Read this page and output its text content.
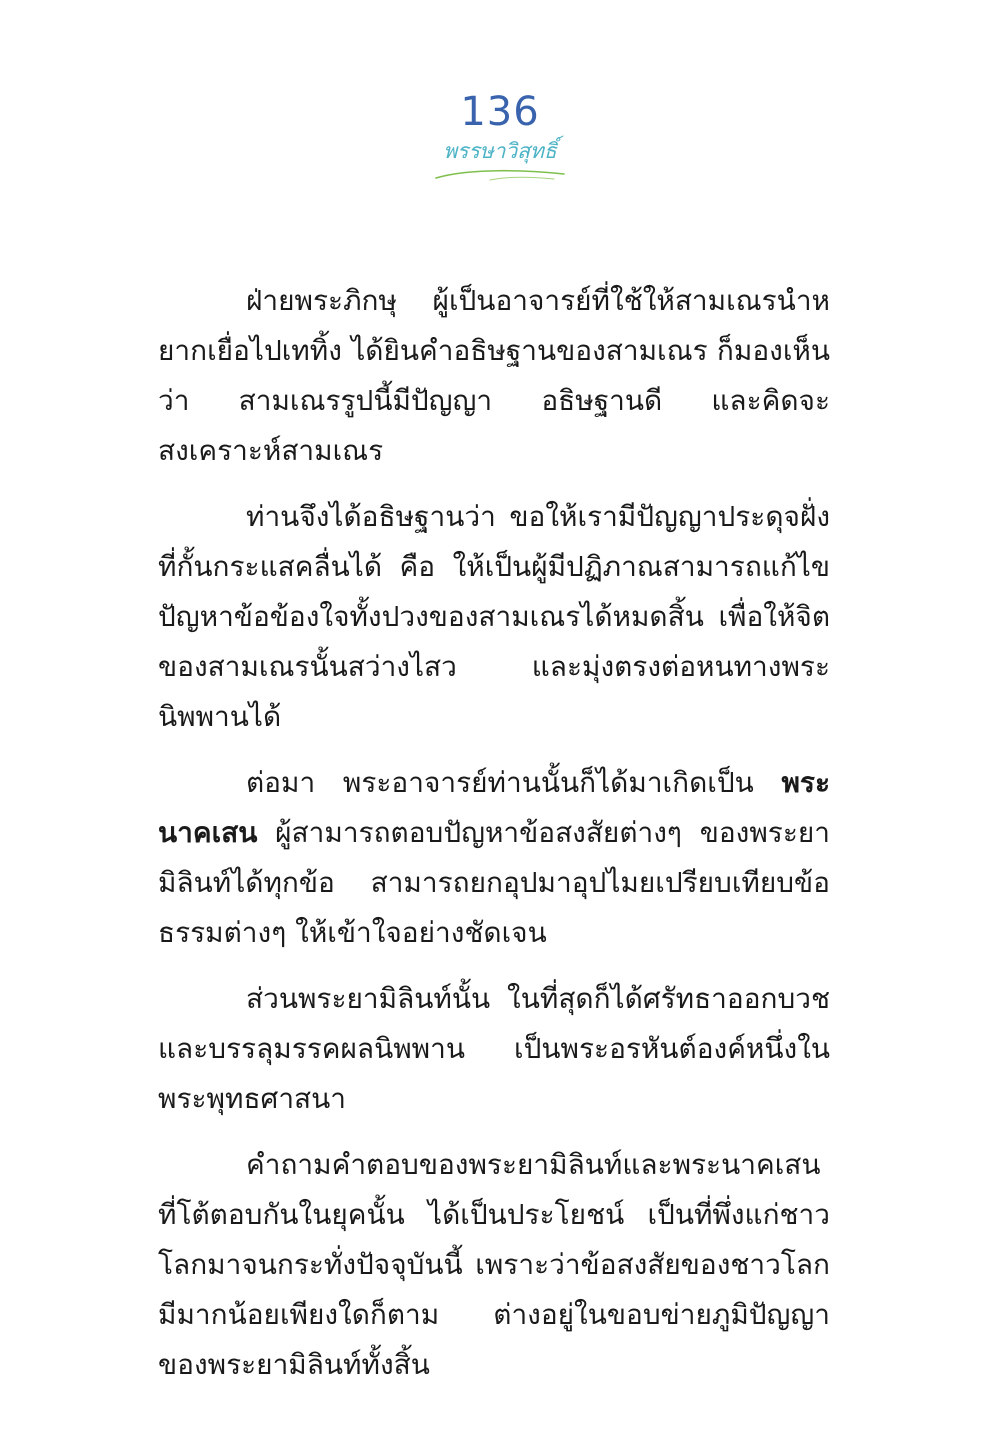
136
พรรษาวิสุทธิ์

ฝ่ายพระภิกษุ ผู้เป็นอาจารย์ที่ใช้ให้สามเณรนำหยากเยื่อไปเททิ้ง ได้ยินคำอธิษฐานของสามเณร ก็มองเห็นว่า สามเณรรูปนี้มีปัญญา อธิษฐานดี และคิดจะสงเคราะห์สามเณร

ท่านจึงได้อธิษฐานว่า ขอให้เรามีปัญญาประดุจฝั่งที่กั้นกระแสคลื่นได้ คือ ให้เป็นผู้มีปฏิภาณสามารถแก้ไขปัญหาข้อข้องใจทั้งปวงของสามเณรได้หมดสิ้น เพื่อให้จิตของสามเณรนั้นสว่างไสว และมุ่งตรงต่อหนทางพระนิพพานได้

ต่อมา พระอาจารย์ท่านนั้นก็ได้มาเกิดเป็น พระนาคเสน ผู้สามารถตอบปัญหาข้อสงสัยต่างๆ ของพระยามิลินท์ได้ทุกข้อ สามารถยกอุปมาอุปไมยเปรียบเทียบข้อธรรมต่างๆ ให้เข้าใจอย่างชัดเจน

ส่วนพระยามิลินท์นั้น ในที่สุดก็ได้ศรัทธาออกบวชและบรรลุมรรคผลนิพพาน เป็นพระอรหันต์องค์หนึ่งในพระพุทธศาสนา

คำถามคำตอบของพระยามิลินท์และพระนาคเสน ที่โต้ตอบกันในยุคนั้น ได้เป็นประโยชน์ เป็นที่พึ่งแก่ชาวโลกมาจนกระทั่งปัจจุบันนี้ เพราะว่าข้อสงสัยของชาวโลกมีมากน้อยเพียงใดก็ตาม ต่างอยู่ในขอบข่ายภูมิปัญญาของพระยามิลินท์ทั้งสิ้น
